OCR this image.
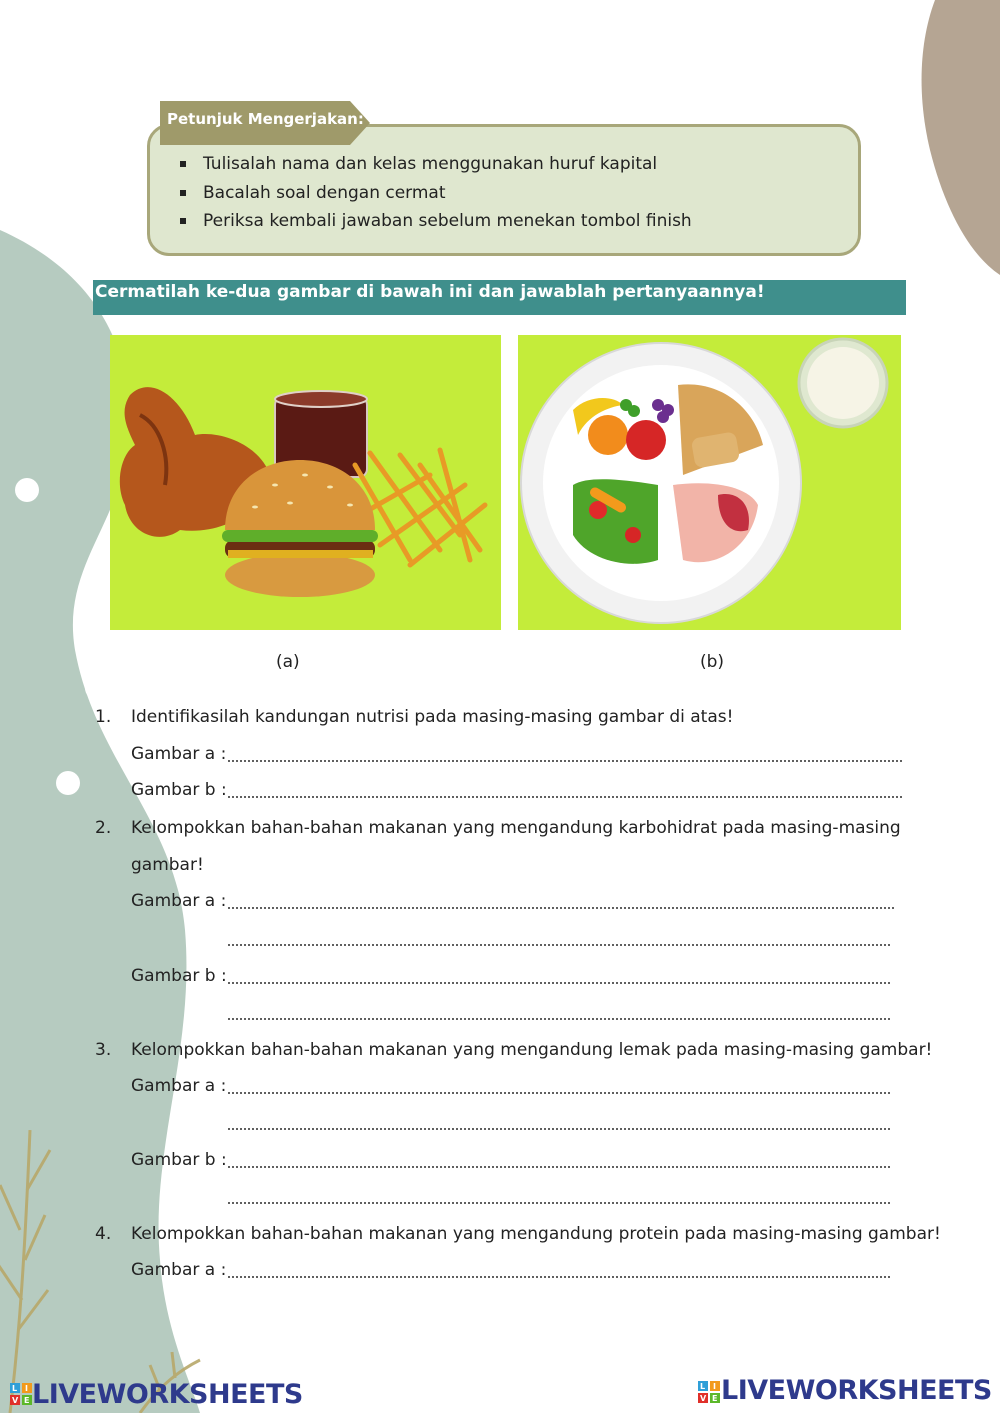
Petunjuk Mengerjakan:
Tulisalah nama dan kelas menggunakan huruf kapital
Bacalah soal dengan cermat
Periksa kembali jawaban sebelum menekan tombol finish
Cermatilah ke-dua gambar di bawah ini dan jawablah pertanyaannya!
(a)	(b)
1. Identifikasilah kandungan nutrisi pada masing-masing gambar di atas!
Gambar a :
Gambar b :
2. Kelompokkan bahan-bahan makanan yang mengandung karbohidrat pada masing-masing
gambar!
Gambar a :
Gambar b :
3. Kelompokkan bahan-bahan makanan yang mengandung lemak pada masing-masing gambar!
Gambar a :
Gambar b :
4. Kelompokkan bahan-bahan makanan yang mengandung protein pada masing-masing gambar!
Gambar a :
L I
V E LIVEWORKSHEETS	L I
V E LIVEWORKSHEETS
